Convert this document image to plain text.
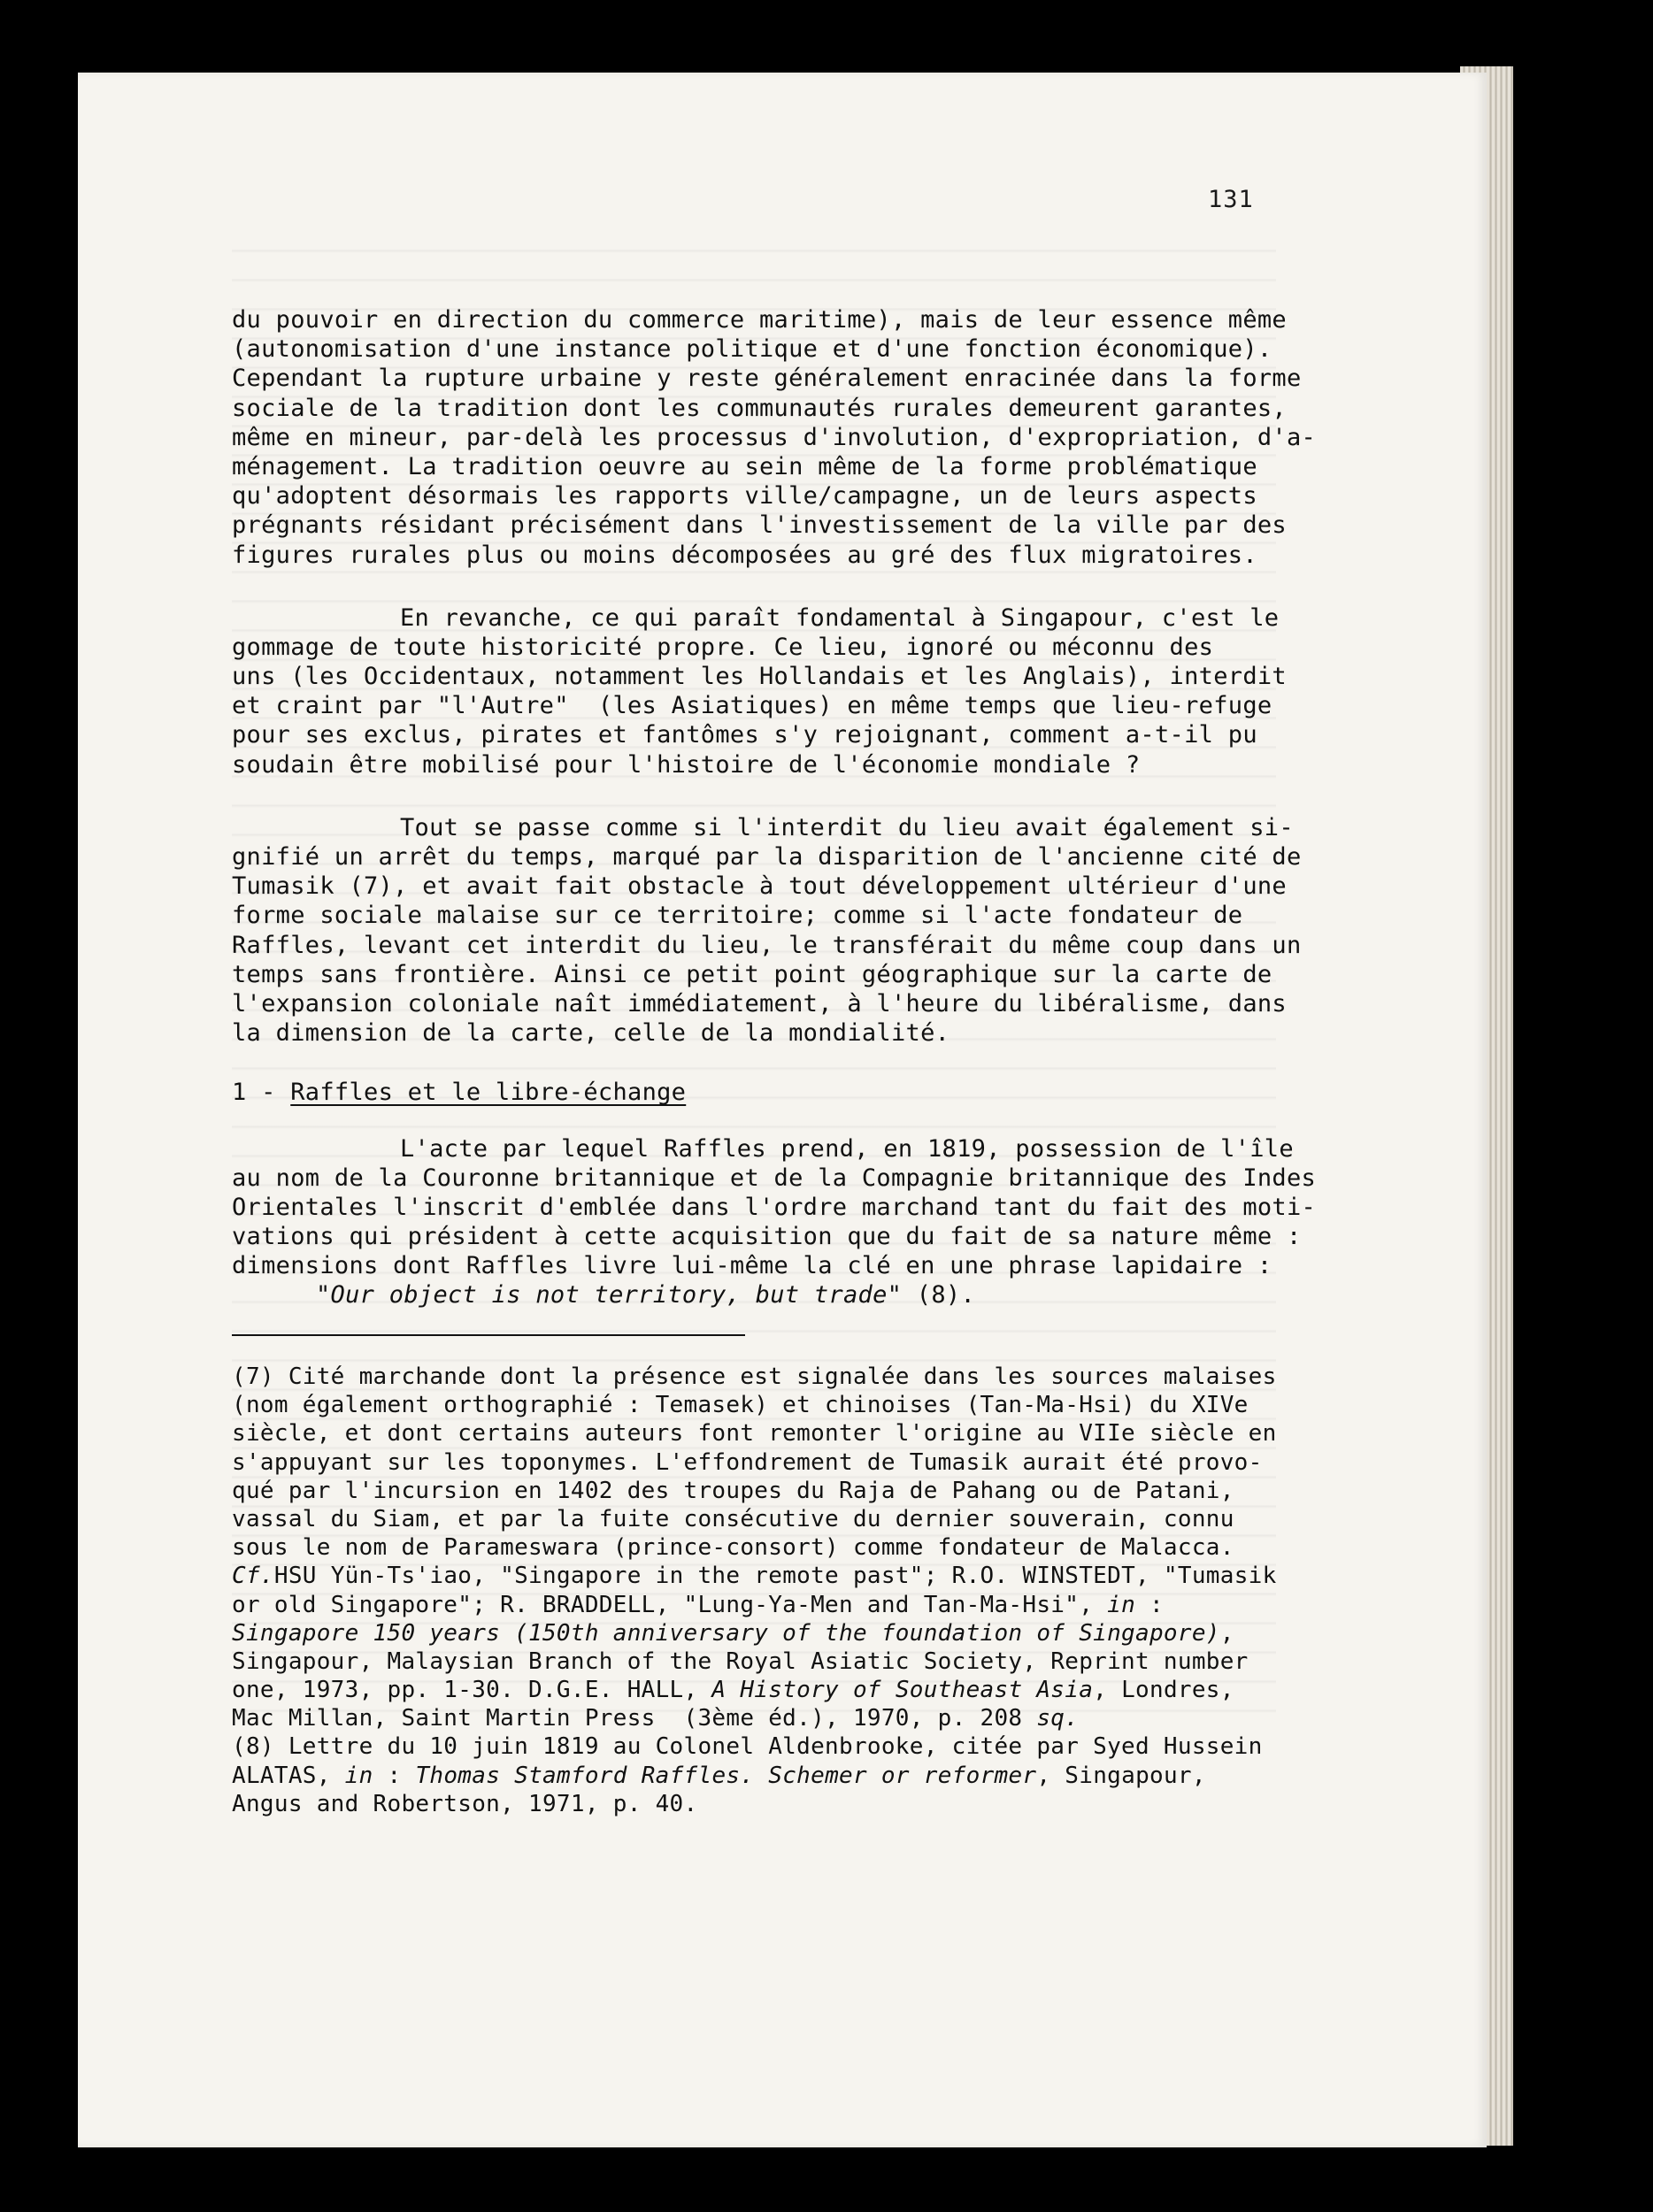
131
du pouvoir en direction du commerce maritime), mais de leur essence même
(autonomisation d'une instance politique et d'une fonction économique).
Cependant la rupture urbaine y reste généralement enracinée dans la forme
sociale de la tradition dont les communautés rurales demeurent garantes,
même en mineur, par-delà les processus d'involution, d'expropriation, d'a-
ménagement. La tradition oeuvre au sein même de la forme problématique
qu'adoptent désormais les rapports ville/campagne, un de leurs aspects
prégnants résidant précisément dans l'investissement de la ville par des
figures rurales plus ou moins décomposées au gré des flux migratoires.
En revanche, ce qui paraît fondamental à Singapour, c'est le
gommage de toute historicité propre. Ce lieu, ignoré ou méconnu des
uns (les Occidentaux, notamment les Hollandais et les Anglais), interdit
et craint par "l'Autre"  (les Asiatiques) en même temps que lieu-refuge
pour ses exclus, pirates et fantômes s'y rejoignant, comment a-t-il pu
soudain être mobilisé pour l'histoire de l'économie mondiale ?
Tout se passe comme si l'interdit du lieu avait également si-
gnifié un arrêt du temps, marqué par la disparition de l'ancienne cité de
Tumasik (7), et avait fait obstacle à tout développement ultérieur d'une
forme sociale malaise sur ce territoire; comme si l'acte fondateur de
Raffles, levant cet interdit du lieu, le transférait du même coup dans un
temps sans frontière. Ainsi ce petit point géographique sur la carte de
l'expansion coloniale naît immédiatement, à l'heure du libéralisme, dans
la dimension de la carte, celle de la mondialité.
1 - Raffles et le libre-échange
L'acte par lequel Raffles prend, en 1819, possession de l'île
au nom de la Couronne britannique et de la Compagnie britannique des Indes
Orientales l'inscrit d'emblée dans l'ordre marchand tant du fait des moti-
vations qui président à cette acquisition que du fait de sa nature même :
dimensions dont Raffles livre lui-même la clé en une phrase lapidaire :
"Our object is not territory, but trade" (8).
(7) Cité marchande dont la présence est signalée dans les sources malaises
(nom également orthographié : Temasek) et chinoises (Tan-Ma-Hsi) du XIVe
siècle, et dont certains auteurs font remonter l'origine au VIIe siècle en
s'appuyant sur les toponymes. L'effondrement de Tumasik aurait été provo-
qué par l'incursion en 1402 des troupes du Raja de Pahang ou de Patani,
vassal du Siam, et par la fuite consécutive du dernier souverain, connu
sous le nom de Parameswara (prince-consort) comme fondateur de Malacca.
Cf.HSU Yün-Ts'iao, "Singapore in the remote past"; R.O. WINSTEDT, "Tumasik
or old Singapore"; R. BRADDELL, "Lung-Ya-Men and Tan-Ma-Hsi", in :
Singapore 150 years (150th anniversary of the foundation of Singapore),
Singapour, Malaysian Branch of the Royal Asiatic Society, Reprint number
one, 1973, pp. 1-30. D.G.E. HALL, A History of Southeast Asia, Londres,
Mac Millan, Saint Martin Press  (3ème éd.), 1970, p. 208 sq.
(8) Lettre du 10 juin 1819 au Colonel Aldenbrooke, citée par Syed Hussein
ALATAS, in : Thomas Stamford Raffles. Schemer or reformer, Singapour,
Angus and Robertson, 1971, p. 40.
